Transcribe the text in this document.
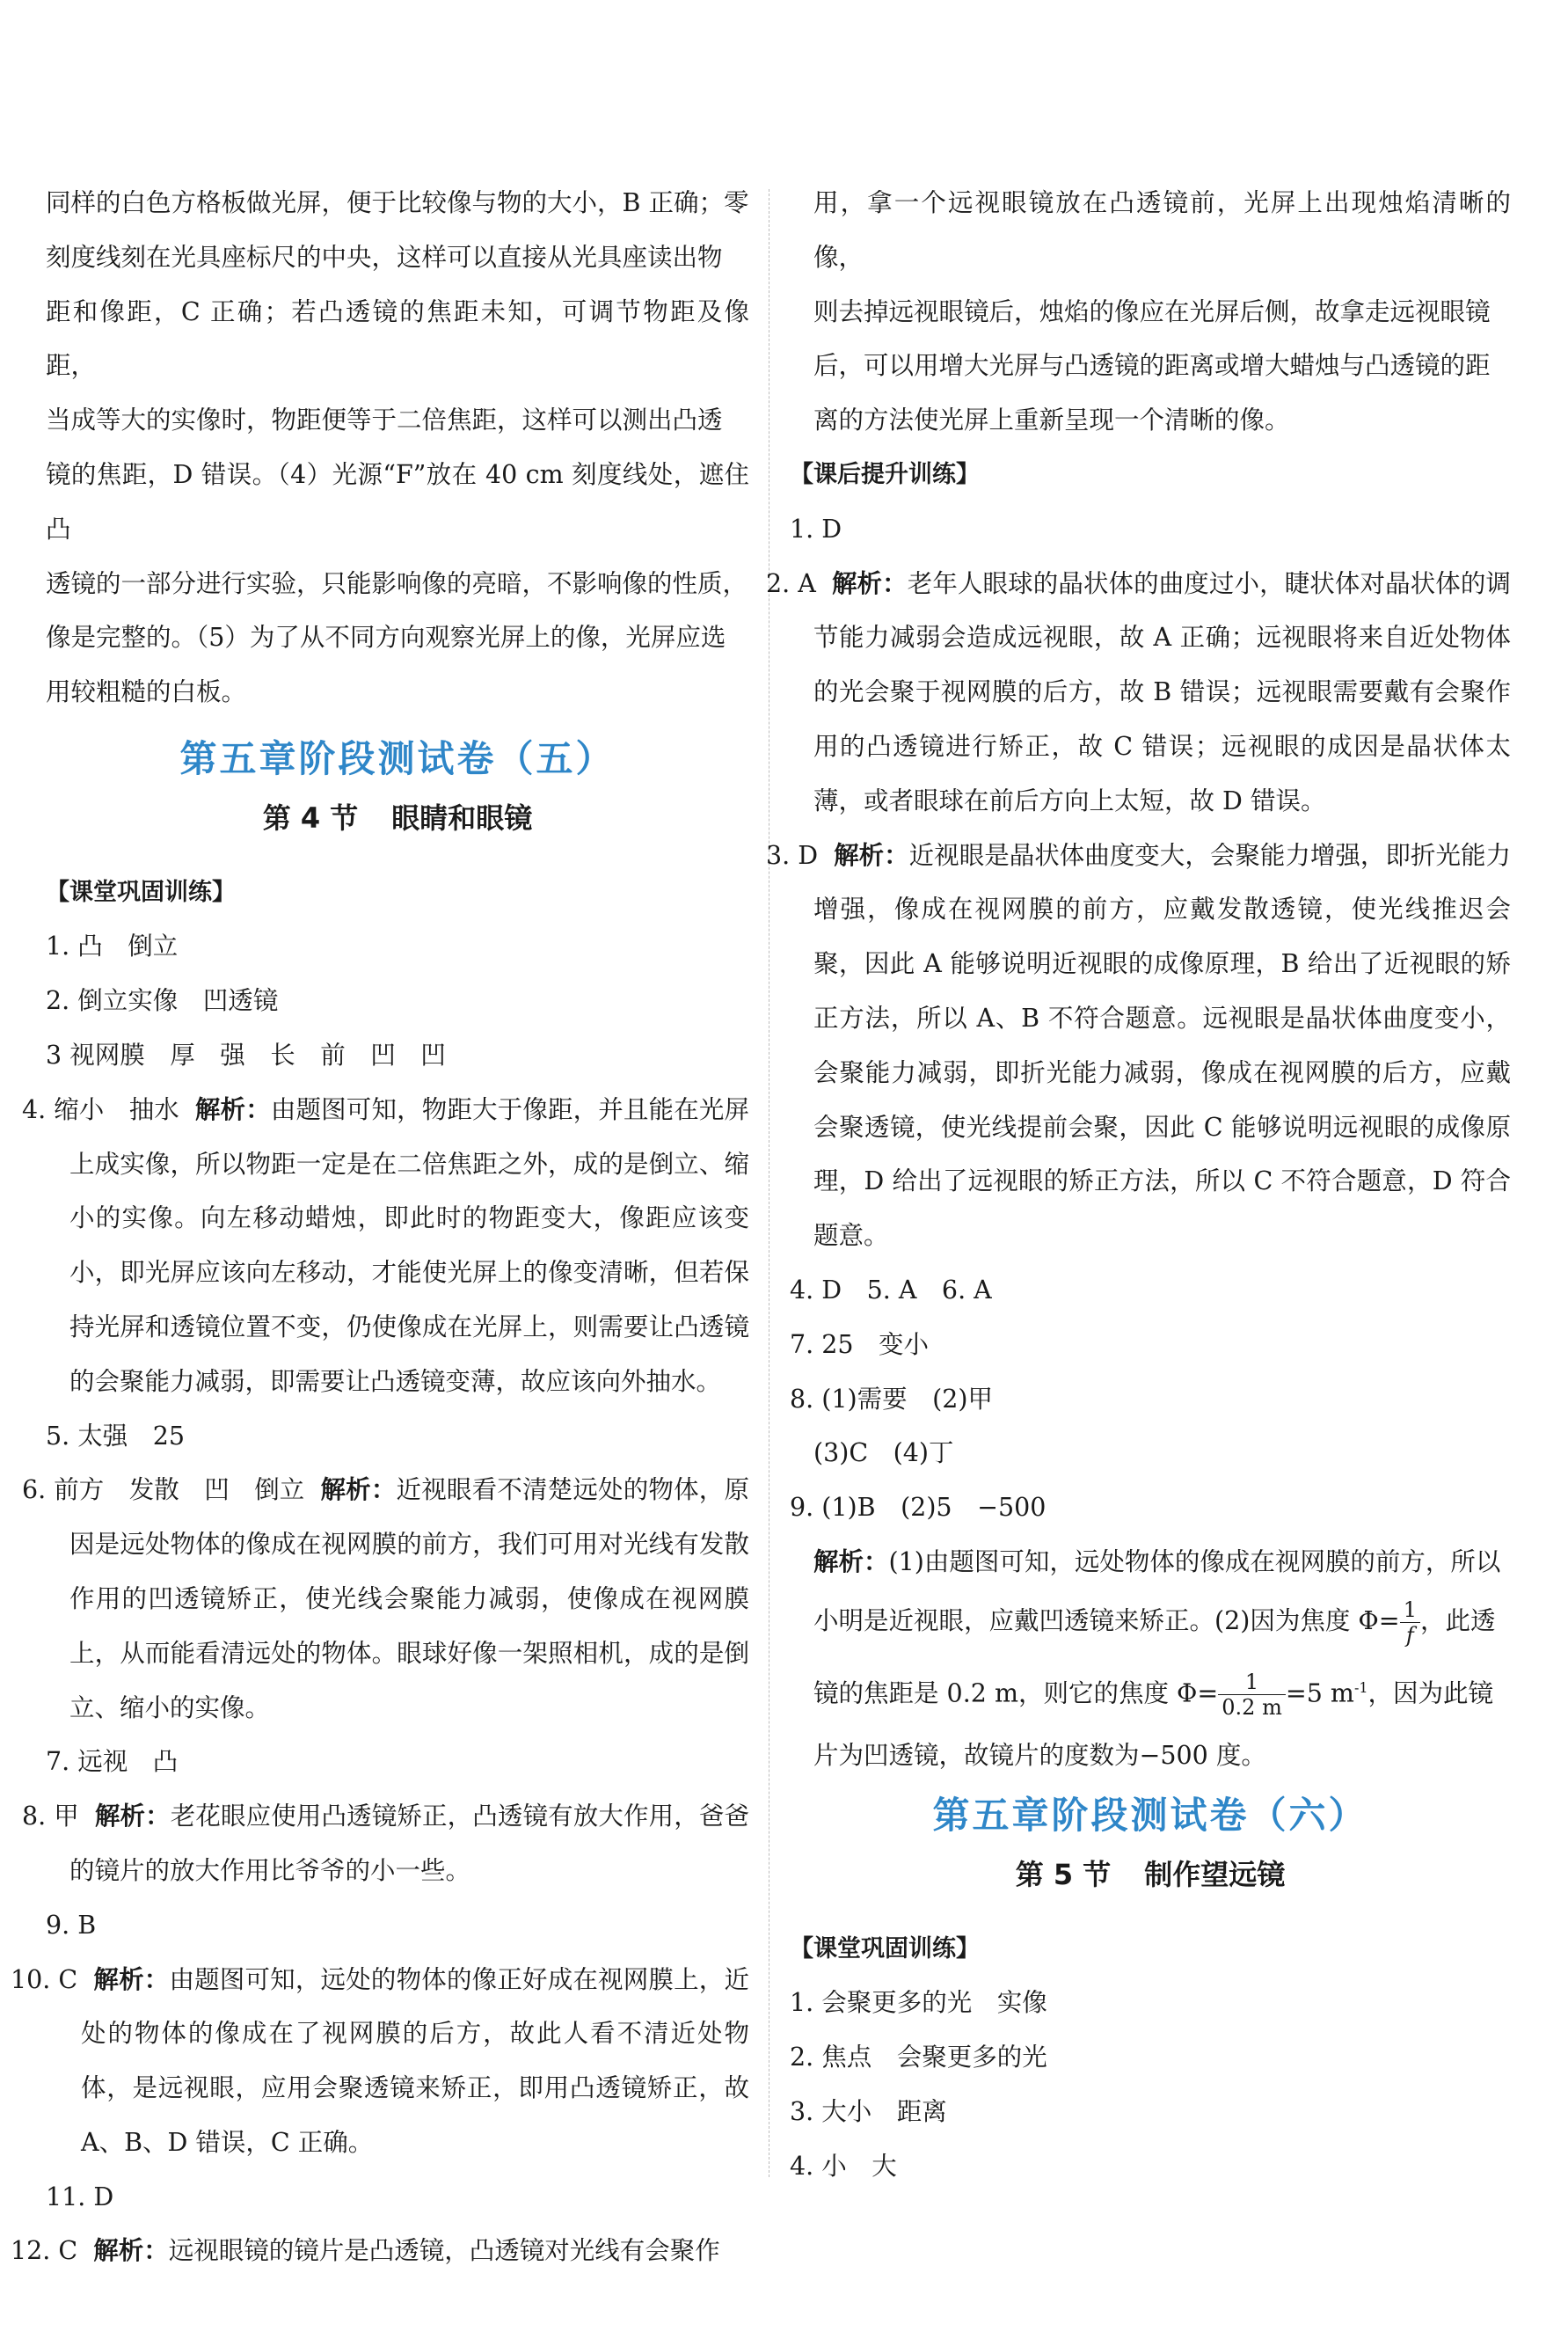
同样的白色方格板做光屏，便于比较像与物的大小，B 正确；零

刻度线刻在光具座标尺的中央，这样可以直接从光具座读出物

距和像距，C 正确；若凸透镜的焦距未知，可调节物距及像距，

当成等大的实像时，物距便等于二倍焦距，这样可以测出凸透

镜的焦距，D 错误。（4）光源“F”放在 40 cm 刻度线处，遮住凸

透镜的一部分进行实验，只能影响像的亮暗，不影响像的性质，

像是完整的。（5）为了从不同方向观察光屏上的像，光屏应选

用较粗糙的白板。

第五章阶段测试卷（五）

第 4 节 眼睛和眼镜

【课堂巩固训练】

1. 凸　倒立

2. 倒立实像　凹透镜

3 视网膜　厚　强　长　前　凹　凹

4. 缩小　抽水 解析：由题图可知，物距大于像距，并且能在光屏上成实像，所以物距一定是在二倍焦距之外，成的是倒立、缩小的实像。向左移动蜡烛，即此时的物距变大，像距应该变小，即光屏应该向左移动，才能使光屏上的像变清晰，但若保持光屏和透镜位置不变，仍使像成在光屏上，则需要让凸透镜的会聚能力减弱，即需要让凸透镜变薄，故应该向外抽水。

5. 太强　25

6. 前方　发散　凹　倒立 解析：近视眼看不清楚远处的物体，原因是远处物体的像成在视网膜的前方，我们可用对光线有发散作用的凹透镜矫正，使光线会聚能力减弱，使像成在视网膜上，从而能看清远处的物体。眼球好像一架照相机，成的是倒立、缩小的实像。

7. 远视　凸

8. 甲 解析：老花眼应使用凸透镜矫正，凸透镜有放大作用，爸爸的镜片的放大作用比爷爷的小一些。

9. B

10. C 解析：由题图可知，远处的物体的像正好成在视网膜上，近处的物体的像成在了视网膜的后方，故此人看不清近处物体，是远视眼，应用会聚透镜来矫正，即用凸透镜矫正，故 A、B、D 错误，C 正确。

11. D

12. C 解析：远视眼镜的镜片是凸透镜，凸透镜对光线有会聚作

用，拿一个远视眼镜放在凸透镜前，光屏上出现烛焰清晰的像，

则去掉远视眼镜后，烛焰的像应在光屏后侧，故拿走远视眼镜

后，可以用增大光屏与凸透镜的距离或增大蜡烛与凸透镜的距

离的方法使光屏上重新呈现一个清晰的像。

【课后提升训练】

1. D

2. A 解析：老年人眼球的晶状体的曲度过小，睫状体对晶状体的调节能力减弱会造成远视眼，故 A 正确；远视眼将来自近处物体的光会聚于视网膜的后方，故 B 错误；远视眼需要戴有会聚作用的凸透镜进行矫正，故 C 错误；远视眼的成因是晶状体太薄，或者眼球在前后方向上太短，故 D 错误。

3. D 解析：近视眼是晶状体曲度变大，会聚能力增强，即折光能力增强，像成在视网膜的前方，应戴发散透镜，使光线推迟会聚，因此 A 能够说明近视眼的成像原理，B 给出了近视眼的矫正方法，所以 A、B 不符合题意。远视眼是晶状体曲度变小，会聚能力减弱，即折光能力减弱，像成在视网膜的后方，应戴会聚透镜，使光线提前会聚，因此 C 能够说明远视眼的成像原理，D 给出了远视眼的矫正方法，所以 C 不符合题意，D 符合题意。

4. D　5. A　6. A

7. 25　变小

8. (1)需要　(2)甲

(3)C　(4)丁

9. (1)B　(2)5　−500

解析：(1)由题图可知，远处物体的像成在视网膜的前方，所以

小明是近视眼，应戴凹透镜来矫正。(2)因为焦度 $\Phi= \frac{1}{f}$ ，此透

镜的焦距是 0.2 m，则它的焦度 $\Phi= \frac{1}{0.2 m} =5$ $m^{-1}$，因为此镜

片为凹透镜，故镜片的度数为−500 度。

第五章阶段测试卷（六）

第 5 节 制作望远镜

【课堂巩固训练】

1. 会聚更多的光　实像

2. 焦点　会聚更多的光

3. 大小　距离

4. 小　大
